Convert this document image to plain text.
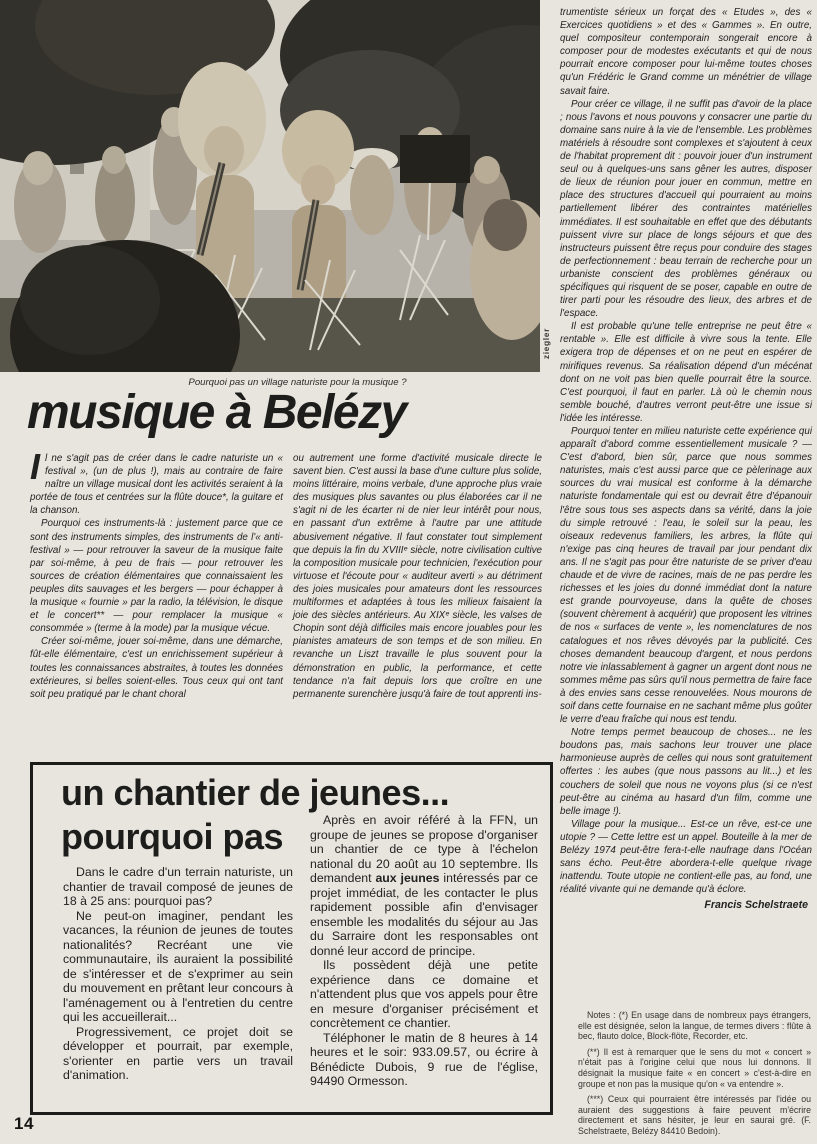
ziegler
Pourquoi pas un village naturiste pour la musique ?
musique à Belézy

Il ne s'agit pas de créer dans le cadre naturiste un « festival », (un de plus !), mais au contraire de faire naître un village musical dont les activités seraient à la portée de tous et centrées sur la flûte douce*, la guitare et la chanson.

Pourquoi ces instruments-là : justement parce que ce sont des instruments simples, des instruments de l'« anti-festival » — pour retrouver la saveur de la musique faite par soi-même, à peu de frais — pour retrouver les sources de création élémentaires que connaissaient les peuples dits sauvages et les bergers — pour échapper à la musique « fournie » par la radio, la télévision, le disque et le concert** — pour remplacer la musique « consommée » (terme à la mode) par la musique vécue.

Créer soi-même, jouer soi-même, dans une démarche, fût-elle élémentaire, c'est un enrichissement supérieur à toutes les connaissances abstraites, à toutes les données extérieures, si belles soient-elles. Tous ceux qui ont tant soit peu pratiqué par le chant choral

ou autrement une forme d'activité musicale directe le savent bien. C'est aussi la base d'une culture plus solide, moins littéraire, moins verbale, d'une approche plus vraie des musiques plus savantes ou plus élaborées car il ne s'agit ni de les écarter ni de nier leur intérêt pour nous, en passant d'un extrême à l'autre par une attitude abusivement négative. Il faut constater tout simplement que depuis la fin du XVIIIᵉ siècle, notre civilisation cultive la composition musicale pour technicien, l'exécution pour virtuose et l'écoute pour « auditeur averti » au détriment des joies musicales pour amateurs dont les ressources multiformes et adaptées à tous les milieux faisaient la joie des siècles antérieurs. Au XIXᵉ siècle, les valses de Chopin sont déjà difficiles mais encore jouables pour les pianistes amateurs de son temps et de son milieu. En revanche un Liszt travaille le plus souvent pour la démonstration en public, la performance, et cette tendance n'a fait depuis lors que croître en une permanente surenchère jusqu'à faire de tout apprenti ins-

trumentiste sérieux un forçat des « Etudes », des « Exercices quotidiens » et des « Gammes ». En outre, quel compositeur contemporain songerait encore à composer pour de modestes exécutants et qui de nous pourrait encore composer pour lui-même toutes choses qu'un Frédéric le Grand comme un ménétrier de village savait faire.

Pour créer ce village, il ne suffit pas d'avoir de la place ; nous l'avons et nous pouvons y consacrer une partie du domaine sans nuire à la vie de l'ensemble. Les problèmes matériels à résoudre sont complexes et s'ajoutent à ceux de l'habitat proprement dit : pouvoir jouer d'un instrument seul ou à quelques-uns sans gêner les autres, disposer de lieux de réunion pour jouer en commun, mettre en place des structures d'accueil qui pourraient au moins partiellement libérer des contraintes matérielles immédiates. Il est souhaitable en effet que des débutants puissent vivre sur place de longs séjours et que des instructeurs puissent être reçus pour conduire des stages de perfectionnement : beau terrain de recherche pour un urbaniste conscient des problèmes généraux ou spécifiques qui risquent de se poser, capable en outre de tirer parti pour les résoudre des lieux, des arbres et de l'espace.

Il est probable qu'une telle entreprise ne peut être « rentable ». Elle est difficile à vivre sous la tente. Elle exigera trop de dépenses et on ne peut en espérer de mirifiques revenus. Sa réalisation dépend d'un mécénat dont on ne voit pas bien quelle pourrait être la source. C'est pourquoi, il faut en parler. Là où le chemin nous semble bouché, d'autres verront peut-être une issue si l'idée les intéresse.

Pourquoi tenter en milieu naturiste cette expérience qui apparaît d'abord comme essentiellement musicale ? — C'est d'abord, bien sûr, parce que nous sommes naturistes, mais c'est aussi parce que ce pèlerinage aux sources du vrai musical est conforme à la démarche naturiste fondamentale qui est ou devrait être d'épanouir l'être sous tous ses aspects dans sa vérité, dans la joie du simple retrouvé : l'eau, le soleil sur la peau, les oiseaux redevenus familiers, les arbres, la flûte qui n'exige pas cinq heures de travail par jour pendant dix ans. Il ne s'agit pas pour être naturiste de se priver d'eau chaude et de vivre de racines, mais de ne pas perdre les richesses et les joies du donné immédiat dont la nature est grande pourvoyeuse, dans la quête de choses (souvent chèrement à acquérir) que proposent les vitrines de nos « surfaces de vente », les nomenclatures de nos catalogues et nos rêves dévoyés par la publicité. Ces choses demandent beaucoup d'argent, et nous perdons notre vie inlassablement à gagner un argent dont nous ne sommes même pas sûrs qu'il nous permettra de faire face à des envies sans cesse renouvelées. Nous mourons de soif dans cette fournaise en ne sachant même plus goûter le verre d'eau fraîche qui nous est tendu.

Notre temps permet beaucoup de choses... ne les boudons pas, mais sachons leur trouver une place harmonieuse auprès de celles qui nous sont gratuitement offertes : les aubes (que nous passons au lit...) et les couchers de soleil que nous ne voyons plus (si ce n'est peut-être au cinéma au hasard d'un film, comme une belle image !).

Village pour la musique... Est-ce un rêve, est-ce une utopie ? — Cette lettre est un appel. Bouteille à la mer de Belézy 1974 peut-être fera-t-elle naufrage dans l'Océan sans écho. Peut-être abordera-t-elle quelque rivage inattendu. Toute utopie ne contient-elle pas, au fond, une réalité vivante qui ne demande qu'à éclore.

Francis Schelstraete
un chantier de jeunes...
pourquoi pas

Dans le cadre d'un terrain naturiste, un chantier de travail composé de jeunes de 18 à 25 ans: pourquoi pas?

Ne peut-on imaginer, pendant les vacances, la réunion de jeunes de toutes nationalités? Recréant une vie communautaire, ils auraient la possibilité de s'intéresser et de s'exprimer au sein du mouvement en prêtant leur concours à l'aménagement ou à l'entretien du centre qui les accueillerait...

Progressivement, ce projet doit se développer et pourrait, par exemple, s'orienter en partie vers un travail d'animation.

Après en avoir référé à la FFN, un groupe de jeunes se propose d'organiser un chantier de ce type à l'échelon national du 20 août au 10 septembre. Ils demandent aux jeunes intéressés par ce projet immédiat, de les contacter le plus rapidement possible afin d'envisager ensemble les modalités du séjour au Jas du Sarraire dont les responsables ont donné leur accord de principe.

Ils possèdent déjà une petite expérience dans ce domaine et n'attendent plus que vos appels pour être en mesure d'organiser précisément et concrètement ce chantier.

Téléphoner le matin de 8 heures à 14 heures et le soir: 933.09.57, ou écrire à Bénédicte Dubois, 9 rue de l'église, 94490 Ormesson.

Notes : (*) En usage dans de nombreux pays étrangers, elle est désignée, selon la langue, de termes divers : flûte à bec, flauto dolce, Block-flöte, Recorder, etc.

(**) Il est à remarquer que le sens du mot « concert » n'était pas à l'origine celui que nous lui donnons. Il désignait la musique faite « en concert » c'est-à-dire en groupe et non pas la musique qu'on « va entendre ».

(***) Ceux qui pourraient être intéressés par l'idée ou auraient des suggestions à faire peuvent m'écrire directement et sans hésiter, je leur en saurai gré. (F. Schelstraete, Belézy 84410 Bedoin).

14
